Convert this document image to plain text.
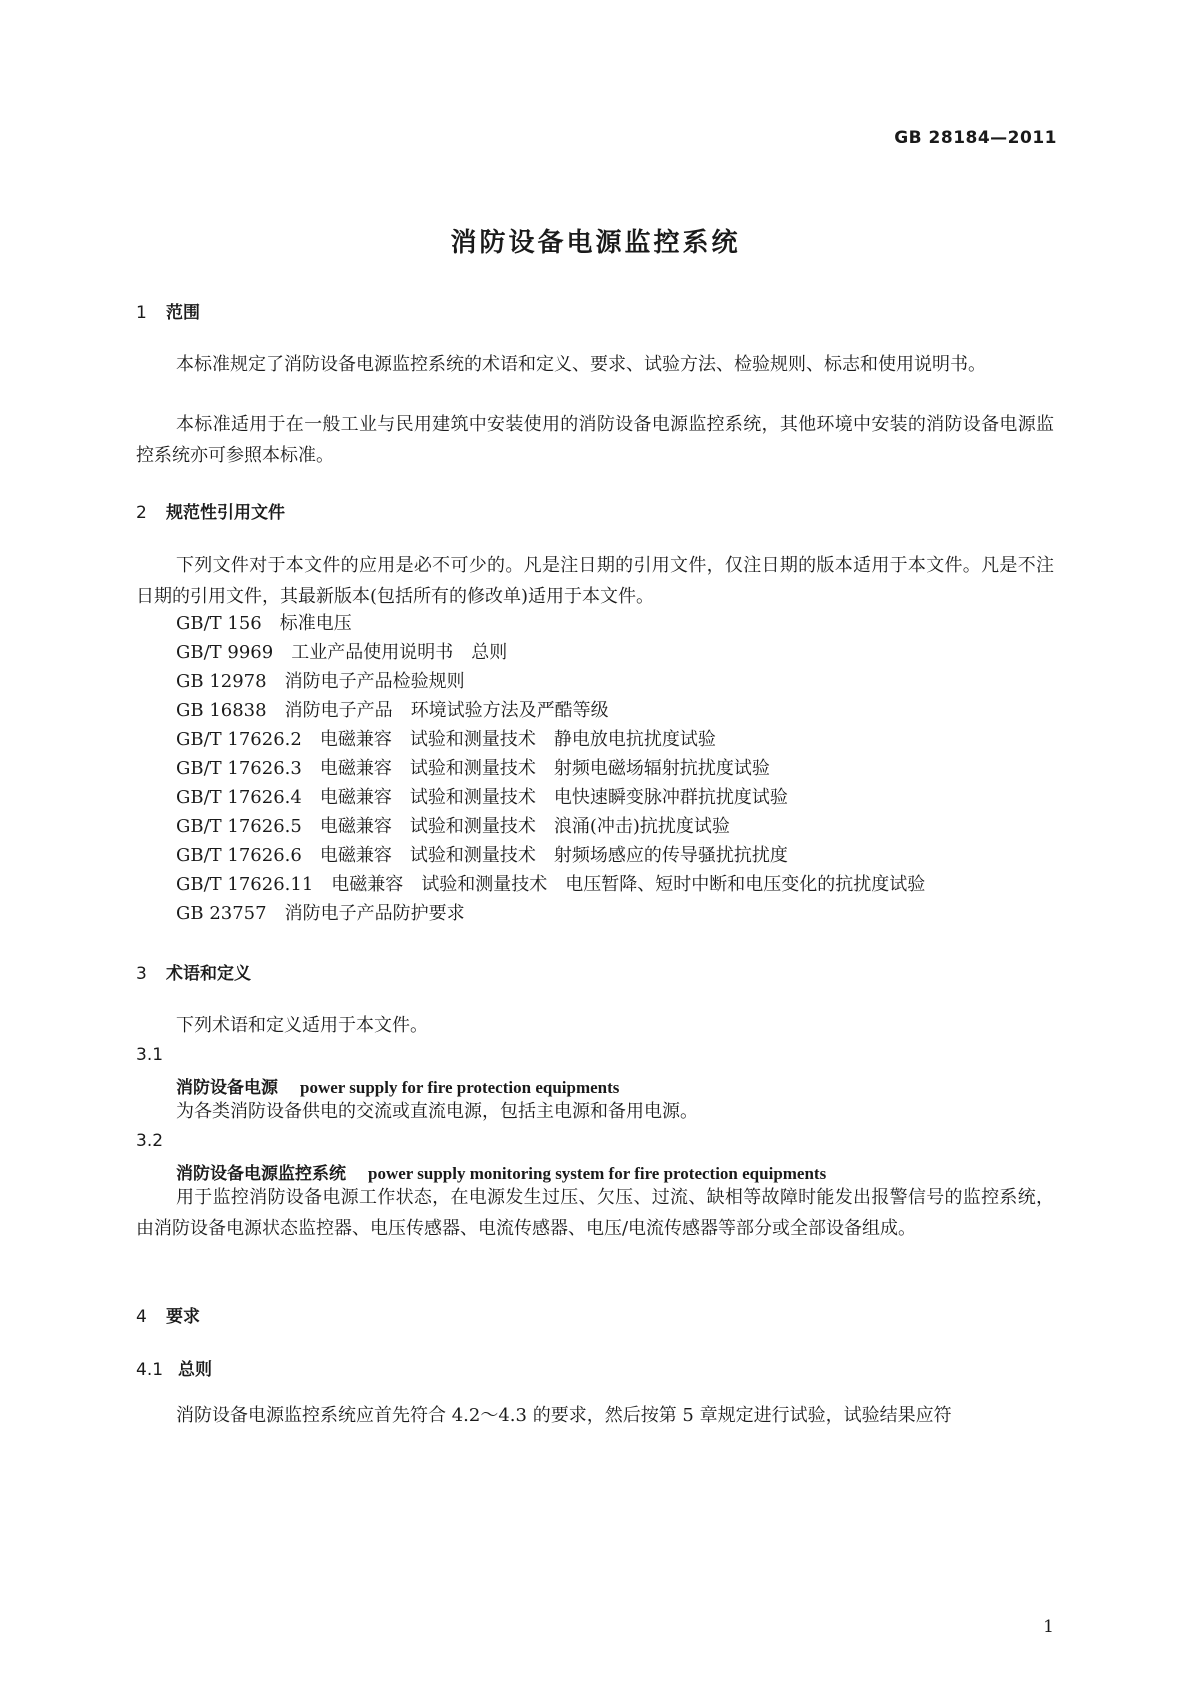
GB 28184—2011
消防设备电源监控系统
1 范围
本标准规定了消防设备电源监控系统的术语和定义、要求、试验方法、检验规则、标志和使用说明书。
本标准适用于在一般工业与民用建筑中安装使用的消防设备电源监控系统，其他环境中安装的消防设备电源监控系统亦可参照本标准。
2 规范性引用文件
下列文件对于本文件的应用是必不可少的。凡是注日期的引用文件，仅注日期的版本适用于本文件。凡是不注日期的引用文件，其最新版本(包括所有的修改单)适用于本文件。
GB/T 156 标准电压
GB/T 9969 工业产品使用说明书　总则
GB 12978 消防电子产品检验规则
GB 16838 消防电子产品　环境试验方法及严酷等级
GB/T 17626.2 电磁兼容　试验和测量技术　静电放电抗扰度试验
GB/T 17626.3 电磁兼容　试验和测量技术　射频电磁场辐射抗扰度试验
GB/T 17626.4 电磁兼容　试验和测量技术　电快速瞬变脉冲群抗扰度试验
GB/T 17626.5 电磁兼容　试验和测量技术　浪涌(冲击)抗扰度试验
GB/T 17626.6 电磁兼容　试验和测量技术　射频场感应的传导骚扰抗扰度
GB/T 17626.11 电磁兼容　试验和测量技术　电压暂降、短时中断和电压变化的抗扰度试验
GB 23757 消防电子产品防护要求
3 术语和定义
下列术语和定义适用于本文件。
3.1
消防设备电源 power supply for fire protection equipments
为各类消防设备供电的交流或直流电源，包括主电源和备用电源。
3.2
消防设备电源监控系统 power supply monitoring system for fire protection equipments
用于监控消防设备电源工作状态，在电源发生过压、欠压、过流、缺相等故障时能发出报警信号的监控系统，由消防设备电源状态监控器、电压传感器、电流传感器、电压/电流传感器等部分或全部设备组成。
4 要求
4.1 总则
消防设备电源监控系统应首先符合 4.2～4.3 的要求，然后按第 5 章规定进行试验，试验结果应符
1
